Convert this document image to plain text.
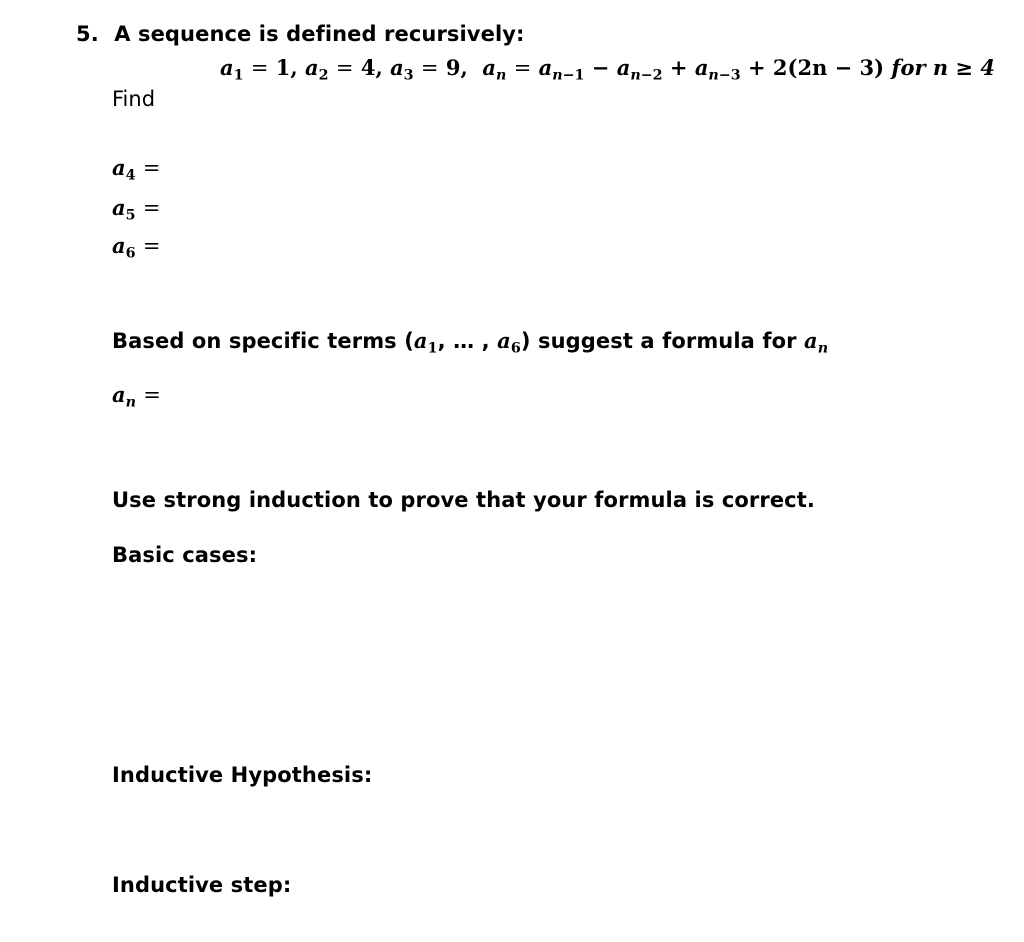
5. A sequence is defined recursively:
$a_1 = 1$, $a_2 = 4$, $a_3 = 9$,  $a_n = a_{n-1} - a_{n-2} + a_{n-3} + 2(2n - 3)$ for n ≥ 4
Find
$a_4$ =
$a_5$ =
$a_6$ =
Based on specific terms ($a_1$, … , $a_6$) suggest a formula for $a_n$
$a_n$ =
Use strong induction to prove that your formula is correct.
Basic cases:
Inductive Hypothesis:
Inductive step:
